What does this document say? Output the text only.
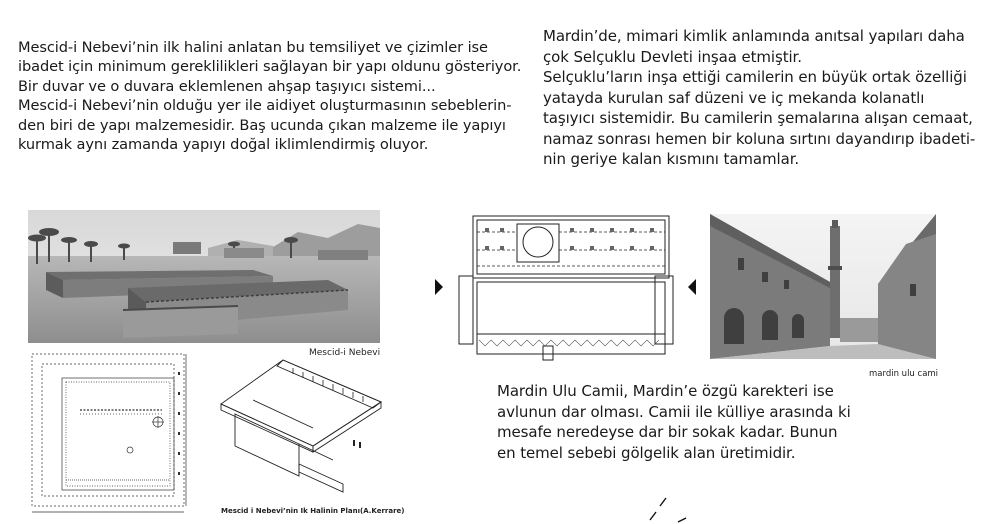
Mescid-i Nebevi’nin ilk halini anlatan bu temsiliyet ve çizimler ise
ibadet için minimum gereklilikleri sağlayan bir yapı oldunu gösteriyor.
Bir duvar ve o duvara eklemlenen ahşap taşıyıcı sistemi...
Mescid-i Nebevi’nin olduğu yer ile aidiyet oluşturmasının sebeblerin-
den biri de yapı malzemesidir. Baş ucunda çıkan malzeme ile yapıyı
kurmak aynı zamanda yapıyı doğal iklimlendirmiş oluyor.

Mardin’de, mimari kimlik anlamında anıtsal yapıları daha
çok Selçuklu Devleti inşaa etmiştir.
Selçuklu’ların inşa ettiği camilerin en büyük ortak özelliği
yatayda kurulan saf düzeni ve iç mekanda kolanatlı
taşıyıcı sistemidir. Bu camilerin şemalarına alışan cemaat,
namaz sonrası hemen bir koluna sırtını dayandırıp ibadeti-
nin geriye kalan kısmını tamamlar.

Mardin Ulu Camii, Mardin’e özgü karekteri ise
avlunun dar olması. Camii ile külliye arasında ki
mesafe neredeyse dar bir sokak kadar. Bunun
en temel sebebi gölgelik alan üretimidir.

Mescid-i Nebevi
Mescid i Nebevi’nin Ik Halinin Planı(A.Kerrare)
mardin ulu cami
